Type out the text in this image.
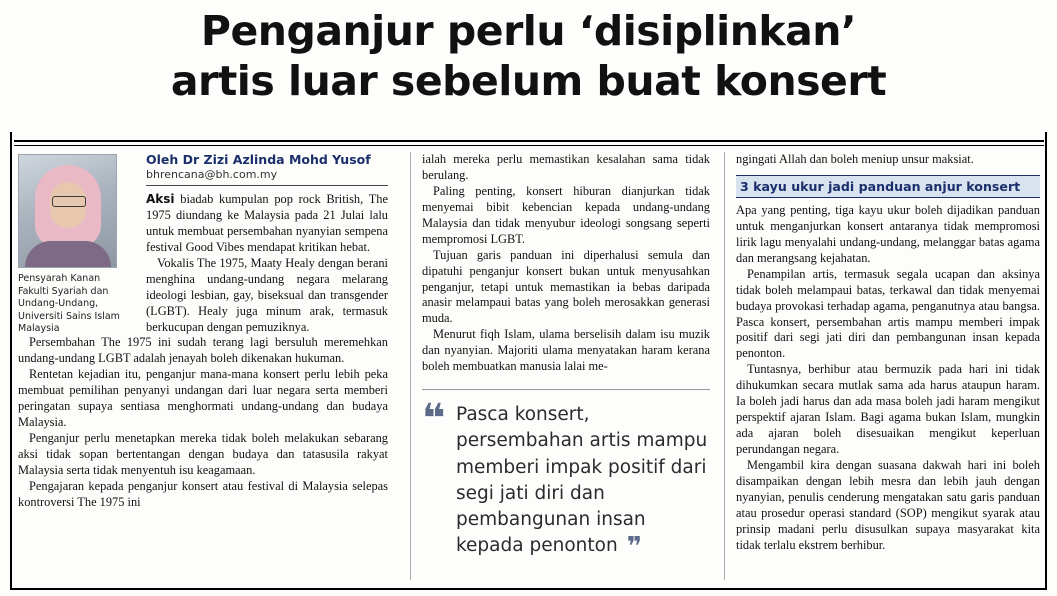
Penganjur perlu ‘disiplinkan’
artis luar sebelum buat konsert
Pensyarah Kanan Fakulti Syariah dan Undang-Undang, Universiti Sains Islam Malaysia
Oleh Dr Zizi Azlinda Mohd Yusof
bhrencana@bh.com.my

Aksi biadab kumpulan pop rock British, The 1975 diundang ke Malaysia pada 21 Julai lalu untuk membuat persembahan nyanyian sempena festival Good Vibes mendapat kritikan hebat.

Vokalis The 1975, Maaty Healy dengan berani menghina undang-undang negara melarang ideologi lesbian, gay, biseksual dan transgender (LGBT). Healy juga minum arak, termasuk berkucupan dengan pemuziknya.

Persembahan The 1975 ini sudah terang lagi bersuluh meremehkan undang-undang LGBT adalah jenayah boleh dikenakan hukuman.

Rentetan kejadian itu, penganjur mana-mana konsert perlu lebih peka membuat pemilihan penyanyi undangan dari luar negara serta memberi peringatan supaya sentiasa menghormati undang-undang dan budaya Malaysia.

Penganjur perlu menetapkan mereka tidak boleh melakukan sebarang aksi tidak sopan bertentangan dengan budaya dan tatasusila rakyat Malaysia serta tidak menyentuh isu keagamaan.

Pengajaran kepada penganjur konsert atau festival di Malaysia selepas kontroversi The 1975 ini

ialah mereka perlu memastikan kesalahan sama tidak berulang.

Paling penting, konsert hiburan dianjurkan tidak menyemai bibit kebencian kepada undang-undang Malaysia dan tidak menyubur ideologi songsang seperti mempromosi LGBT.

Tujuan garis panduan ini diperhalusi semula dan dipatuhi penganjur konsert bukan untuk menyusahkan penganjur, tetapi untuk memastikan ia bebas daripada anasir melampaui batas yang boleh merosakkan generasi muda.

Menurut fiqh Islam, ulama berselisih dalam isu muzik dan nyanyian. Majoriti ulama menyatakan haram kerana boleh membuatkan manusia lalai me-

❝ Pasca konsert, persembahan artis mampu memberi impak positif dari segi jati diri dan pembangunan insan kepada penonton ❞

ngingati Allah dan boleh meniup unsur maksiat.

3 kayu ukur jadi panduan anjur konsert

Apa yang penting, tiga kayu ukur boleh dijadikan panduan untuk menganjurkan konsert antaranya tidak mempromosi lirik lagu menyalahi undang-undang, melanggar batas agama dan merangsang kejahatan.

Penampilan artis, termasuk segala ucapan dan aksinya tidak boleh melampaui batas, terkawal dan tidak menyemai budaya provokasi terhadap agama, penganutnya atau bangsa. Pasca konsert, persembahan artis mampu memberi impak positif dari segi jati diri dan pembangunan insan kepada penonton.

Tuntasnya, berhibur atau bermuzik pada hari ini tidak dihukumkan secara mutlak sama ada harus ataupun haram. Ia boleh jadi harus dan ada masa boleh jadi haram mengikut perspektif ajaran Islam. Bagi agama bukan Islam, mungkin ada ajaran boleh disesuaikan mengikut keperluan perundangan negara.

Mengambil kira dengan suasana dakwah hari ini boleh disampaikan dengan lebih mesra dan lebih jauh dengan nyanyian, penulis cenderung mengatakan satu garis panduan atau prosedur operasi standard (SOP) mengikut syarak atau prinsip madani perlu disusulkan supaya masyarakat kita tidak terlalu ekstrem berhibur.
